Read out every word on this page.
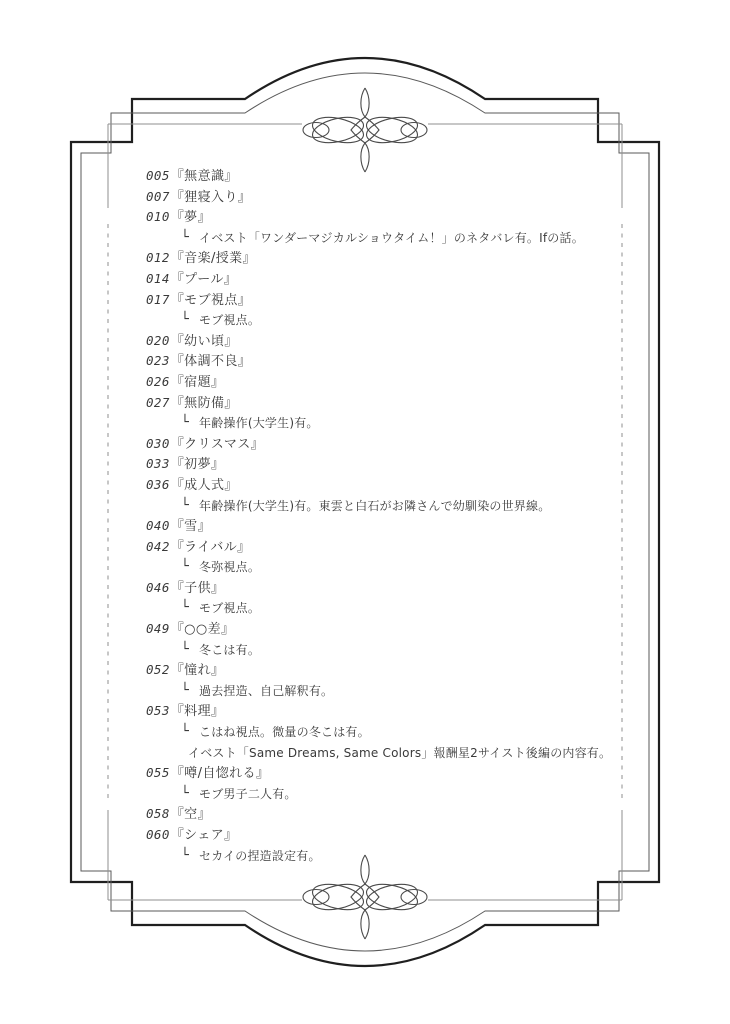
005『無意識』
007『狸寝入り』
010『夢』
└ イベスト「ワンダーマジカルショウタイム！」のネタバレ有。Ifの話。
012『音楽/授業』
014『プール』
017『モブ視点』
└ モブ視点。
020『幼い頃』
023『体調不良』
026『宿題』
027『無防備』
└ 年齢操作(大学生)有。
030『クリスマス』
033『初夢』
036『成人式』
└ 年齢操作(大学生)有。東雲と白石がお隣さんで幼馴染の世界線。
040『雪』
042『ライバル』
└ 冬弥視点。
046『子供』
└ モブ視点。
049『○○差』
└ 冬こは有。
052『憧れ』
└ 過去捏造、自己解釈有。
053『料理』
└ こはね視点。微量の冬こは有。
イベスト「Same Dreams, Same Colors」報酬星2サイスト後編の内容有。
055『噂/自惚れる』
└ モブ男子二人有。
058『空』
060『シェア』
└ セカイの捏造設定有。
